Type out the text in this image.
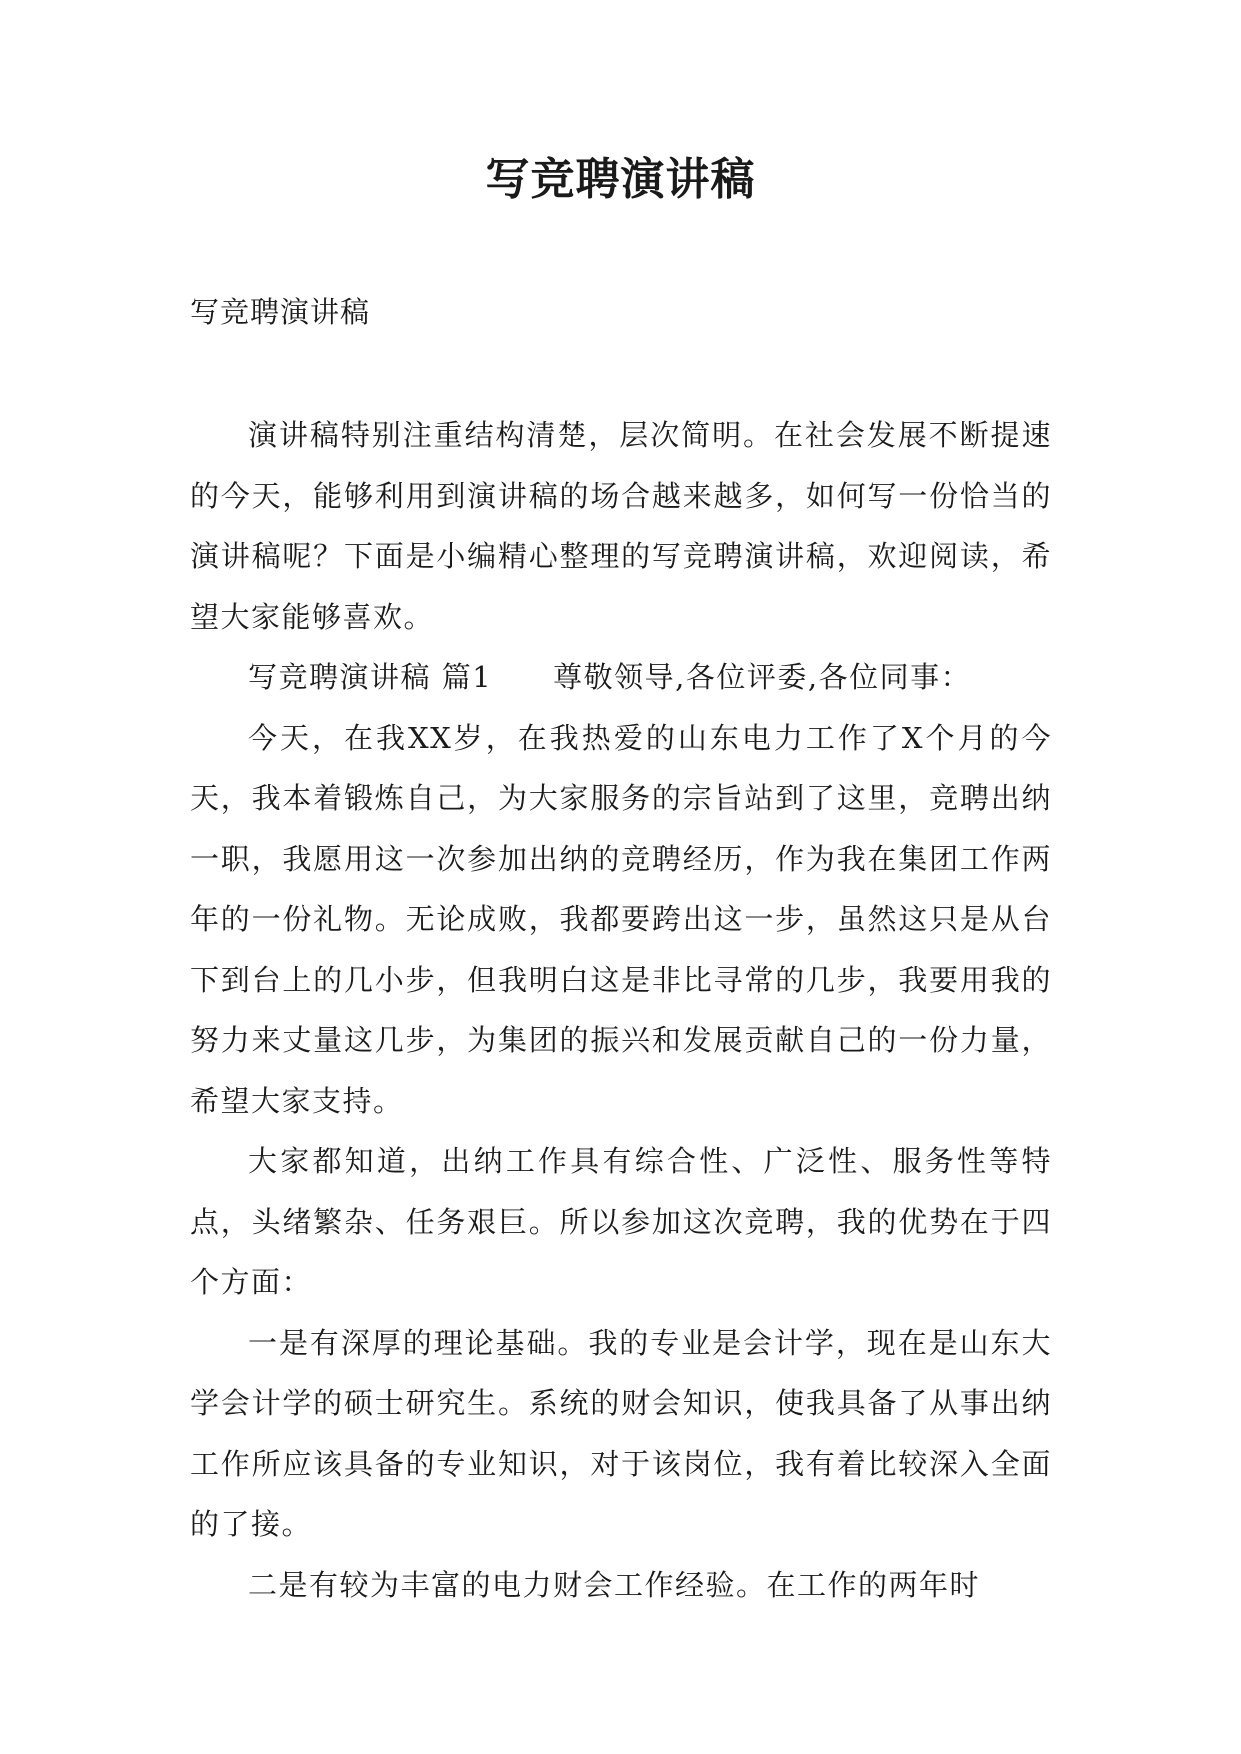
写竞聘演讲稿

写竞聘演讲稿

演讲稿特别注重结构清楚，层次简明。在社会发展不断提速的今天，能够利用到演讲稿的场合越来越多，如何写一份恰当的演讲稿呢？下面是小编精心整理的写竞聘演讲稿，欢迎阅读，希望大家能够喜欢。

写竞聘演讲稿 篇1　　尊敬领导,各位评委,各位同事：

今天，在我XX岁，在我热爱的山东电力工作了X个月的今天，我本着锻炼自己，为大家服务的宗旨站到了这里，竞聘出纳一职，我愿用这一次参加出纳的竞聘经历，作为我在集团工作两年的一份礼物。无论成败，我都要跨出这一步，虽然这只是从台下到台上的几小步，但我明白这是非比寻常的几步，我要用我的努力来丈量这几步，为集团的振兴和发展贡献自己的一份力量，希望大家支持。

大家都知道，出纳工作具有综合性、广泛性、服务性等特点，头绪繁杂、任务艰巨。所以参加这次竞聘，我的优势在于四个方面：

一是有深厚的理论基础。我的专业是会计学，现在是山东大学会计学的硕士研究生。系统的财会知识，使我具备了从事出纳工作所应该具备的专业知识，对于该岗位，我有着比较深入全面的了接。

二是有较为丰富的电力财会工作经验。在工作的两年时
